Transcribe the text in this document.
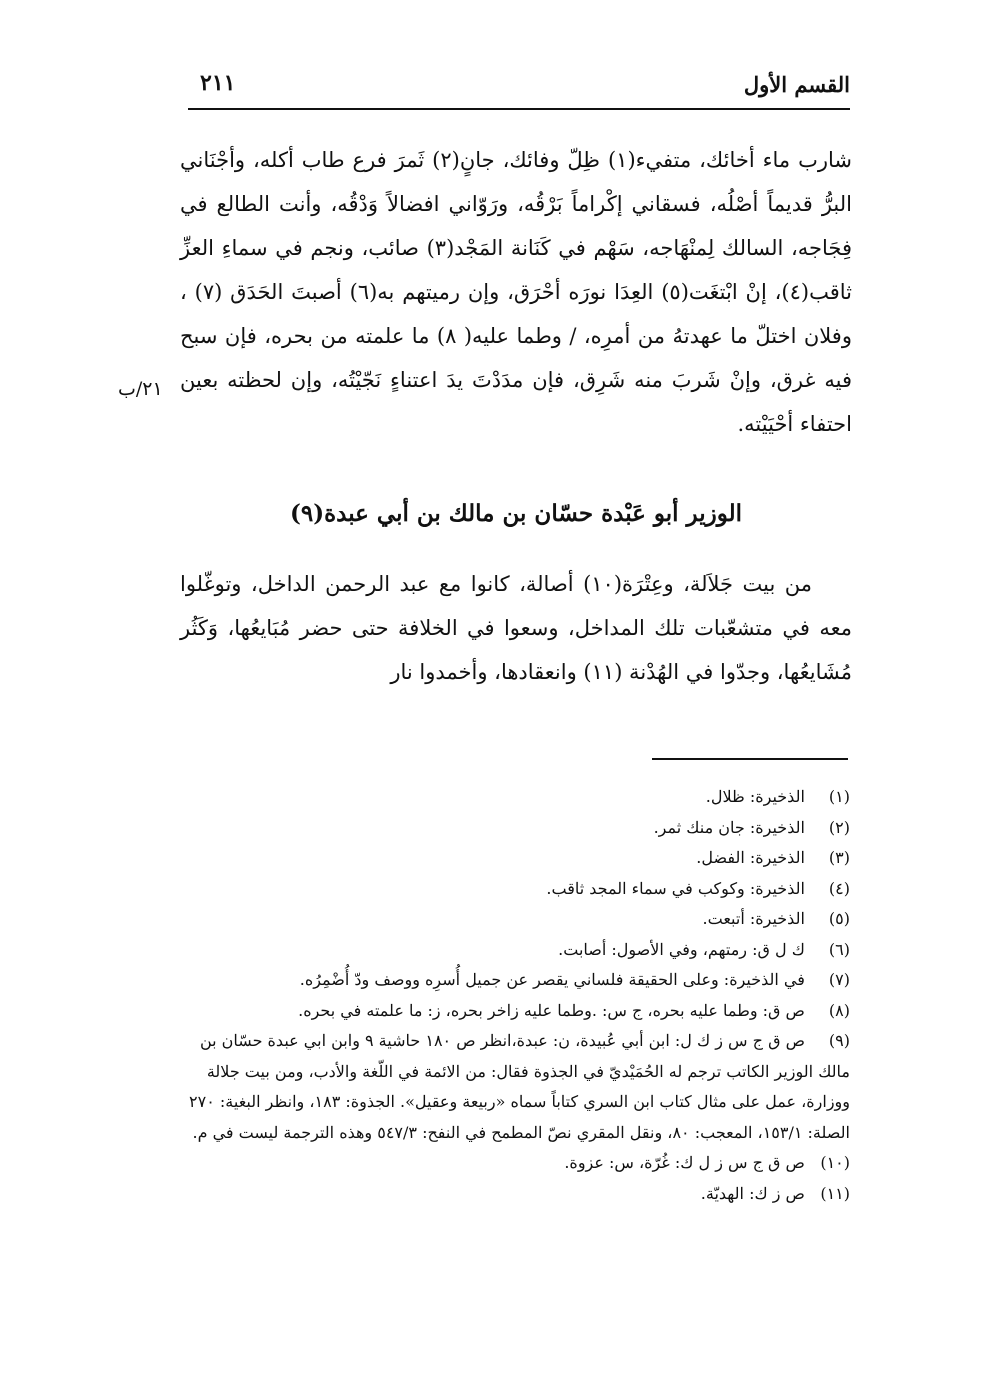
القسم الأول
٢١١

شارب ماء أخائك، متفيء(١) ظِلّ وفائك، جانٍ(٢) ثَمرَ فرع طاب أكله، وأجْنَاني البرُّ قديماً أصْلُه، فسقاني إكْراماً بَرْقُه، ورَوّاني افضالاً وَدْقُه، وأنت الطالع في فِجَاجه، السالك لِمنْهَاجه، سَهْم في كَنَانة المَجْد(٣) صائب، ونجم في سماءِ العزِّ ثاقب(٤)، إنْ ابْتغَت(٥) العِدَا نورَه أحْرَق، وإن رميتهم به(٦) أصبتَ الحَدَق (٧) ، وفلان اختلّ ما عهدتهُ من أمرِه، / وطما عليه( ٨) ما علمته من بحره، فإن سبح فيه غرق، وإنْ شَربَ منه شَرِق، فإن مدَدْتَ يدَ اعتناءٍ نَجّيْتُه، وإن لحظته بعين احتفاء أحْيَيْته.

٢١/ب
الوزير أبو عَبْدة حسّان بن مالك بن أبي عبدة(٩)

من بيت جَلاَلة، وعِتْرَة(١٠) أصالة، كانوا مع عبد الرحمن الداخل، وتوغّلوا معه في متشعّبات تلك المداخل، وسعوا في الخلافة حتى حضر مُبَايعُها، وَكَثُر مُشَايعُها، وجدّوا في الهُدْنة (١١) وانعقادها، وأخمدوا نار

(١) الذخيرة: ظلال.
(٢) الذخيرة: جان منك ثمر.
(٣) الذخيرة: الفضل.
(٤) الذخيرة: وكوكب في سماء المجد ثاقب.
(٥) الذخيرة: أتبعت.
(٦) ك ل ق: رمتهم، وفي الأصول: أصابت.
(٧) في الذخيرة: وعلى الحقيقة فلساني يقصر عن جميل أُسرِه ووصف ودّ أُضْمِرُه.
(٨) ص ق: وطما عليه بحره، ج س: .وطما عليه زاخر بحره، ز: ما علمته في بحره.
(٩) ص ق ج س ز ك ل: ابن أبي عُبيدة، ن: عبدة،انظر ص ١٨٠ حاشية ٩ وابن ابي عبدة حسّان بن مالك الوزير الكاتب ترجم له الحُمَيْديّ في الجذوة فقال: من الائمة في اللّغة والأدب، ومن بيت جلالة ووزارة، عمل على مثال كتاب ابن السري كتاباً سماه «ربيعة وعقيل». الجذوة: ١٨٣، وانظر البغية: ٢٧٠ الصلة: ١٥٣/١، المعجب: ٨٠، ونقل المقري نصّ المطمح في النفح: ٥٤٧/٣ وهذه الترجمة ليست في م.
(١٠) ص ق ج س ز ل ك: غُرّة، س: عزوة.
(١١) ص ز ك: الهديّة.
